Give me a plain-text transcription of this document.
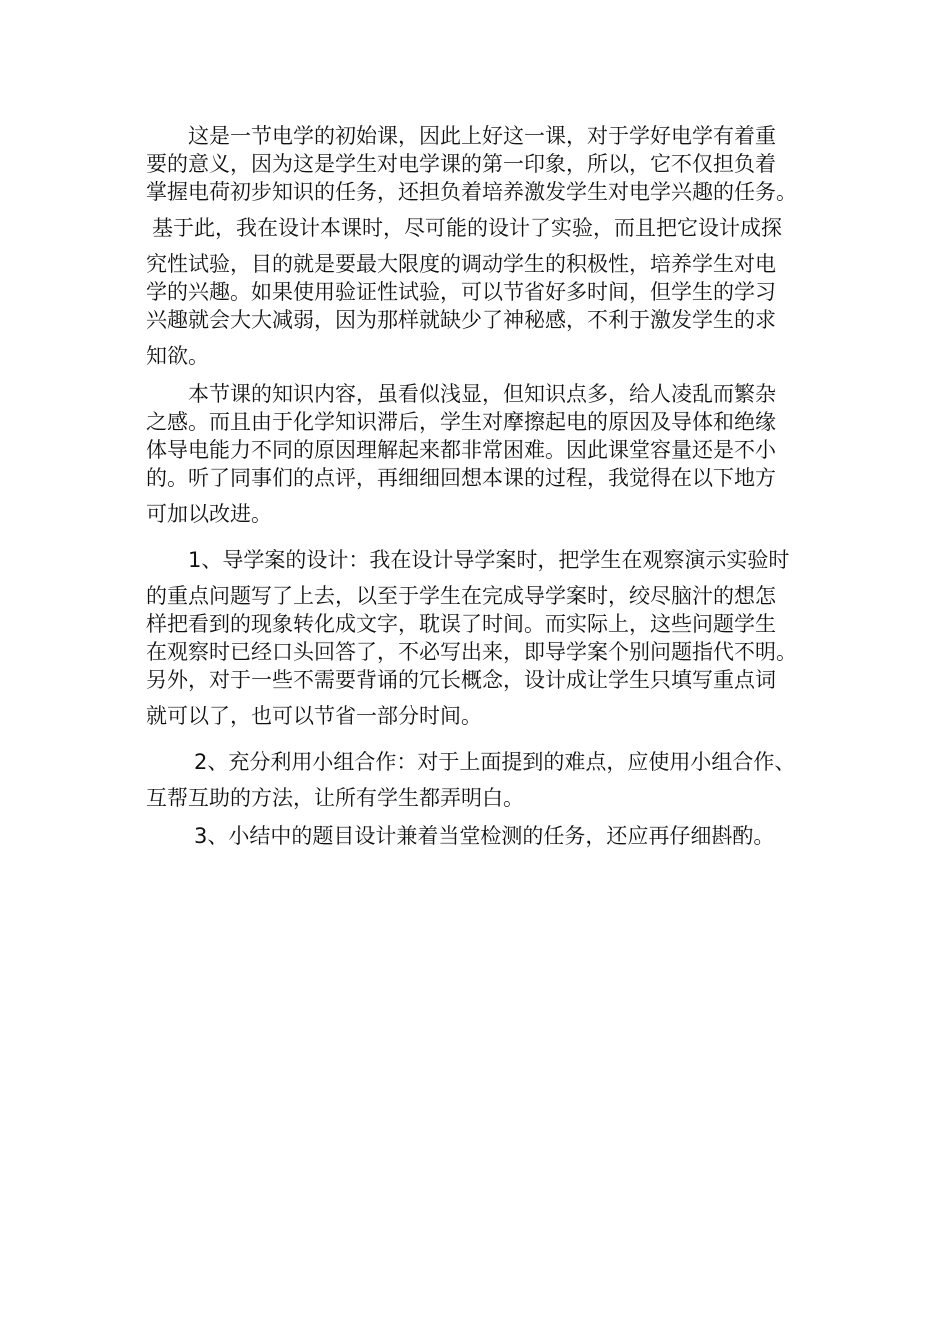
这是一节电学的初始课，因此上好这一课，对于学好电学有着重
要的意义，因为这是学生对电学课的第一印象，所以，它不仅担负着
掌握电荷初步知识的任务，还担负着培养激发学生对电学兴趣的任务。
基于此，我在设计本课时，尽可能的设计了实验，而且把它设计成探
究性试验，目的就是要最大限度的调动学生的积极性，培养学生对电
学的兴趣。如果使用验证性试验，可以节省好多时间，但学生的学习
兴趣就会大大减弱，因为那样就缺少了神秘感，不利于激发学生的求
知欲。
本节课的知识内容，虽看似浅显，但知识点多，给人凌乱而繁杂
之感。而且由于化学知识滞后，学生对摩擦起电的原因及导体和绝缘
体导电能力不同的原因理解起来都非常困难。因此课堂容量还是不小
的。听了同事们的点评，再细细回想本课的过程，我觉得在以下地方
可加以改进。
1、导学案的设计：我在设计导学案时，把学生在观察演示实验时
的重点问题写了上去，以至于学生在完成导学案时，绞尽脑汁的想怎
样把看到的现象转化成文字，耽误了时间。而实际上，这些问题学生
在观察时已经口头回答了，不必写出来，即导学案个别问题指代不明。
另外，对于一些不需要背诵的冗长概念，设计成让学生只填写重点词
就可以了，也可以节省一部分时间。
2、充分利用小组合作：对于上面提到的难点，应使用小组合作、
互帮互助的方法，让所有学生都弄明白。
3、小结中的题目设计兼着当堂检测的任务，还应再仔细斟酌。
